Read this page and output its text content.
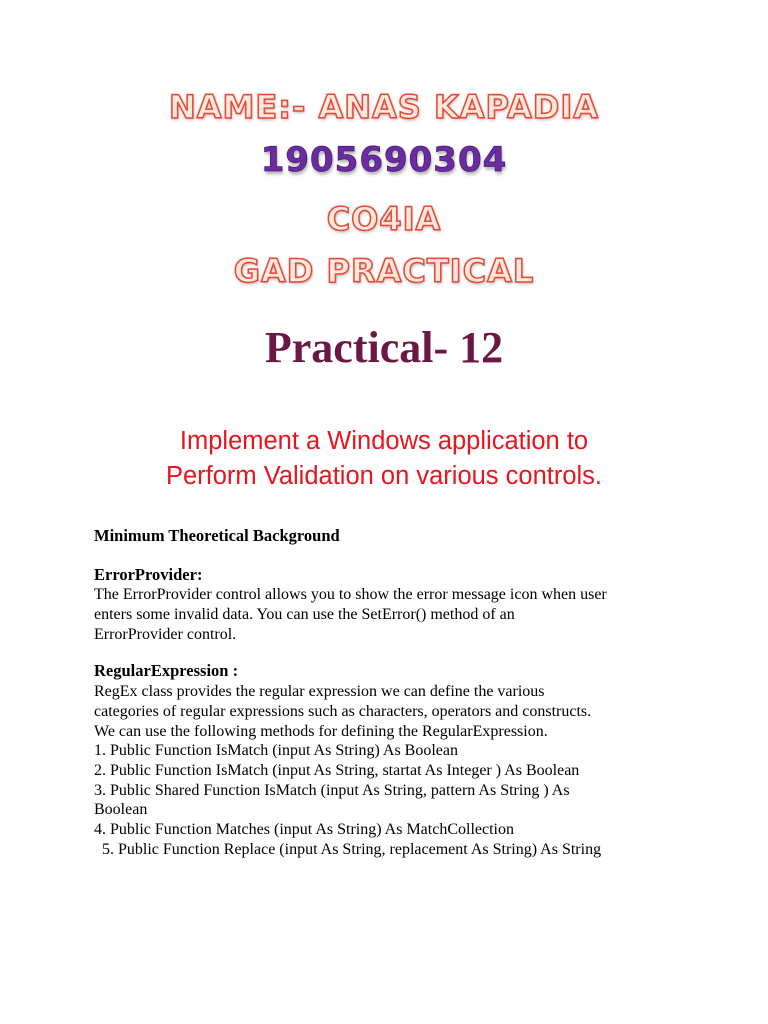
NAME:- ANAS KAPADIA
1905690304
CO4IA
GAD PRACTICAL
Practical- 12
Implement a Windows application to
Perform Validation on various controls.
Minimum Theoretical Background
ErrorProvider:
The ErrorProvider control allows you to show the error message icon when user
enters some invalid data. You can use the SetError() method of an
ErrorProvider control.
RegularExpression :
RegEx class provides the regular expression we can define the various
categories of regular expressions such as characters, operators and constructs.
We can use the following methods for defining the RegularExpression.
1. Public Function IsMatch (input As String) As Boolean
2. Public Function IsMatch (input As String, startat As Integer ) As Boolean
3. Public Shared Function IsMatch (input As String, pattern As String ) As
Boolean
4. Public Function Matches (input As String) As MatchCollection
5. Public Function Replace (input As String, replacement As String) As String
